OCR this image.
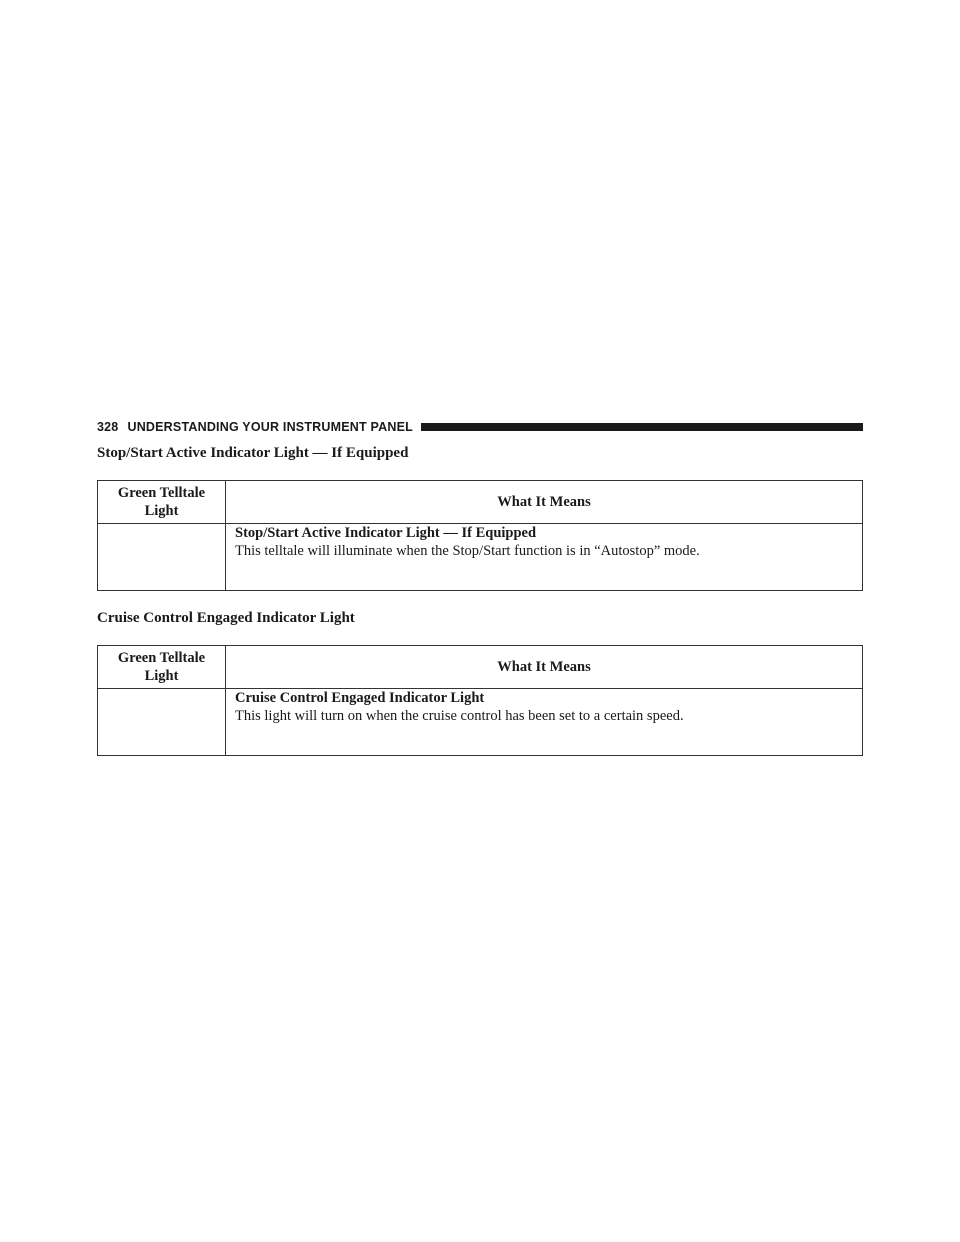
328 UNDERSTANDING YOUR INSTRUMENT PANEL
Stop/Start Active Indicator Light — If Equipped
Green Telltale
Light	What It Means

	Stop/Start Active Indicator Light — If Equipped
This telltale will illuminate when the Stop/Start function is in “Autostop” mode.
Cruise Control Engaged Indicator Light
Green Telltale
Light	What It Means

	Cruise Control Engaged Indicator Light
This light will turn on when the cruise control has been set to a certain speed.
